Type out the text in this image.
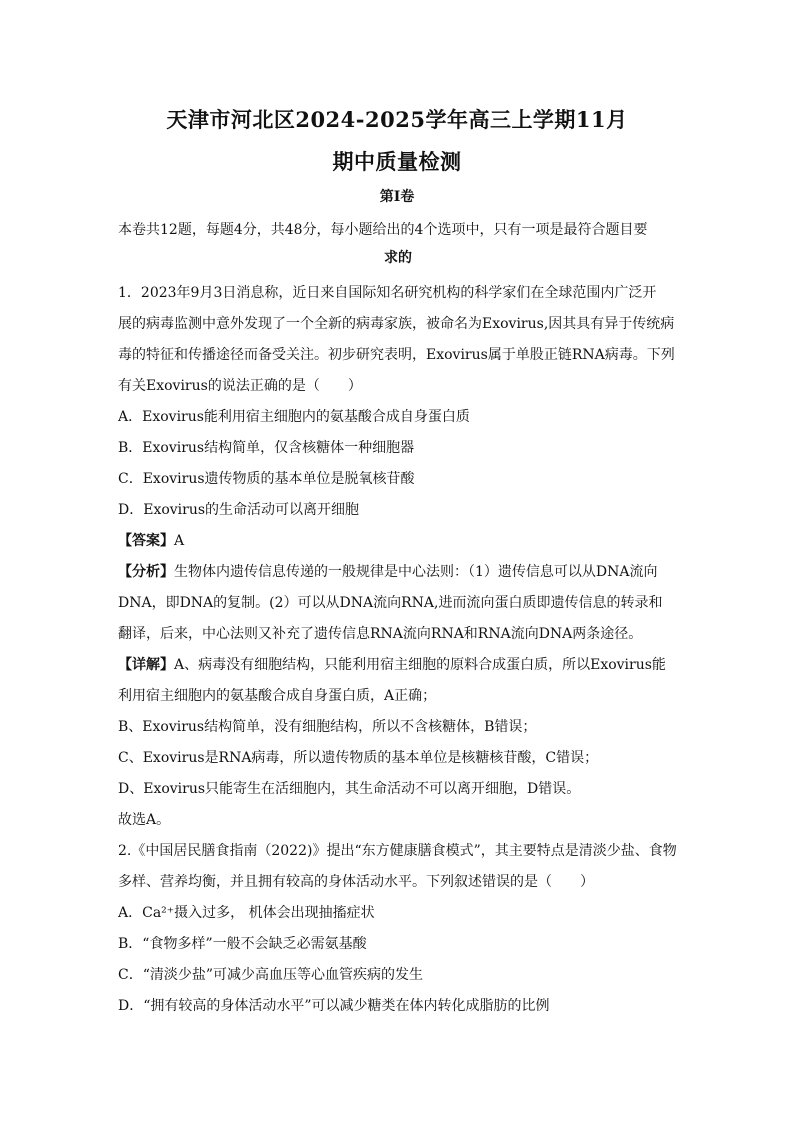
天津市河北区2024-2025学年高三上学期11月
期中质量检测
第Ⅰ卷
本卷共12题，每题4分，共48分，每小题给出的4个选项中，只有一项是最符合题目要
求的
1．2023年9月3日消息称，近日来自国际知名研究机构的科学家们在全球范围内广泛开
展的病毒监测中意外发现了一个全新的病毒家族，被命名为Exovirus,因其具有异于传统病
毒的特征和传播途径而备受关注。初步研究表明，Exovirus属于单股正链RNA病毒。下列
有关Exovirus的说法正确的是（　　）
A．Exovirus能利用宿主细胞内的氨基酸合成自身蛋白质
B．Exovirus结构简单，仅含核糖体一种细胞器
C．Exovirus遗传物质的基本单位是脱氧核苷酸
D．Exovirus的生命活动可以离开细胞
【答案】A
【分析】生物体内遗传信息传递的一般规律是中心法则：（1）遗传信息可以从DNA流向
DNA，即DNA的复制。(2）可以从DNA流向RNA,进而流向蛋白质即遗传信息的转录和
翻译，后来，中心法则又补充了遗传信息RNA流向RNA和RNA流向DNA两条途径。
【详解】A、病毒没有细胞结构，只能利用宿主细胞的原料合成蛋白质，所以Exovirus能
利用宿主细胞内的氨基酸合成自身蛋白质，A正确；
B、Exovirus结构简单，没有细胞结构，所以不含核糖体，B错误；
C、Exovirus是RNA病毒，所以遗传物质的基本单位是核糖核苷酸，C错误；
D、Exovirus只能寄生在活细胞内，其生命活动不可以离开细胞，D错误。
故选A。
2.《中国居民膳食指南（2022)》提出“东方健康膳食模式”，其主要特点是清淡少盐、食物
多样、营养均衡，并且拥有较高的身体活动水平。下列叙述错误的是（　　）
A．Ca²⁺摄入过多， 机体会出现抽搐症状
B．“食物多样”一般不会缺乏必需氨基酸
C．“清淡少盐”可减少高血压等心血管疾病的发生
D．“拥有较高的身体活动水平”可以减少糖类在体内转化成脂肪的比例
